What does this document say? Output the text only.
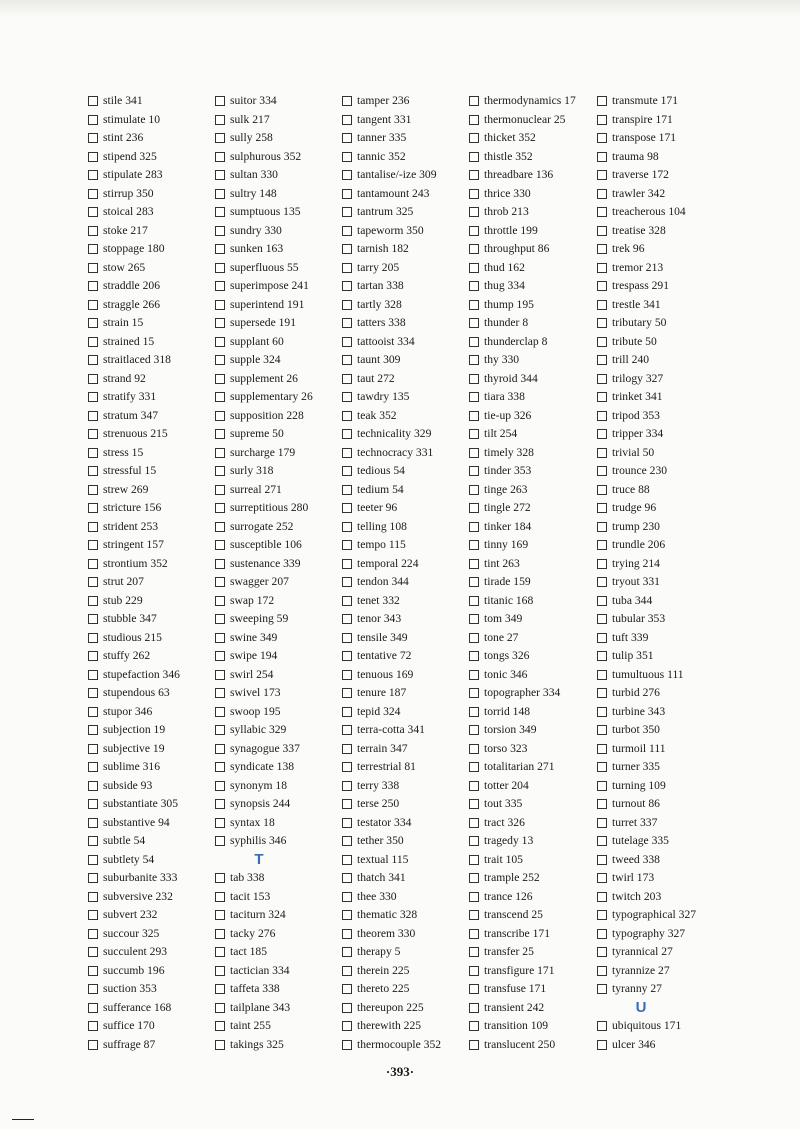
stile 341
stimulate 10
stint 236
stipend 325
stipulate 283
stirrup 350
stoical 283
stoke 217
stoppage 180
stow 265
straddle 206
straggle 266
strain 15
strained 15
straitlaced 318
strand 92
stratify 331
stratum 347
strenuous 215
stress 15
stressful 15
strew 269
stricture 156
strident 253
stringent 157
strontium 352
strut 207
stub 229
stubble 347
studious 215
stuffy 262
stupefaction 346
stupendous 63
stupor 346
subjection 19
subjective 19
sublime 316
subside 93
substantiate 305
substantive 94
subtle 54
subtlety 54
suburbanite 333
subversive 232
subvert 232
succour 325
succulent 293
succumb 196
suction 353
sufferance 168
suffice 170
suffrage 87
suitor 334
sulk 217
sully 258
sulphurous 352
sultan 330
sultry 148
sumptuous 135
sundry 330
sunken 163
superfluous 55
superimpose 241
superintend 191
supersede 191
supplant 60
supple 324
supplement 26
supplementary 26
supposition 228
supreme 50
surcharge 179
surly 318
surreal 271
surreptitious 280
surrogate 252
susceptible 106
sustenance 339
swagger 207
swap 172
sweeping 59
swine 349
swipe 194
swirl 254
swivel 173
swoop 195
syllabic 329
synagogue 337
syndicate 138
synonym 18
synopsis 244
syntax 18
syphilis 346
T
tab 338
tacit 153
taciturn 324
tacky 276
tact 185
tactician 334
taffeta 338
tailplane 343
taint 255
takings 325
tamper 236
tangent 331
tanner 335
tannic 352
tantalise/-ize 309
tantamount 243
tantrum 325
tapeworm 350
tarnish 182
tarry 205
tartan 338
tartly 328
tatters 338
tattooist 334
taunt 309
taut 272
tawdry 135
teak 352
technicality 329
technocracy 331
tedious 54
tedium 54
teeter 96
telling 108
tempo 115
temporal 224
tendon 344
tenet 332
tenor 343
tensile 349
tentative 72
tenuous 169
tenure 187
tepid 324
terra-cotta 341
terrain 347
terrestrial 81
terry 338
terse 250
testator 334
tether 350
textual 115
thatch 341
thee 330
thematic 328
theorem 330
therapy 5
therein 225
thereto 225
thereupon 225
therewith 225
thermocouple 352
thermodynamics 17
thermonuclear 25
thicket 352
thistle 352
threadbare 136
thrice 330
throb 213
throttle 199
throughput 86
thud 162
thug 334
thump 195
thunder 8
thunderclap 8
thy 330
thyroid 344
tiara 338
tie-up 326
tilt 254
timely 328
tinder 353
tinge 263
tingle 272
tinker 184
tinny 169
tint 263
tirade 159
titanic 168
tom 349
tone 27
tongs 326
tonic 346
topographer 334
torrid 148
torsion 349
torso 323
totalitarian 271
totter 204
tout 335
tract 326
tragedy 13
trait 105
trample 252
trance 126
transcend 25
transcribe 171
transfer 25
transfigure 171
transfuse 171
transient 242
transition 109
translucent 250
transmute 171
transpire 171
transpose 171
trauma 98
traverse 172
trawler 342
treacherous 104
treatise 328
trek 96
tremor 213
trespass 291
trestle 341
tributary 50
tribute 50
trill 240
trilogy 327
trinket 341
tripod 353
tripper 334
trivial 50
trounce 230
truce 88
trudge 96
trump 230
trundle 206
trying 214
tryout 331
tuba 344
tubular 353
tuft 339
tulip 351
tumultuous 111
turbid 276
turbine 343
turbot 350
turmoil 111
turner 335
turning 109
turnout 86
turret 337
tutelage 335
tweed 338
twirl 173
twitch 203
typographical 327
typography 327
tyrannical 27
tyrannize 27
tyranny 27
U
ubiquitous 171
ulcer 346
·393·
